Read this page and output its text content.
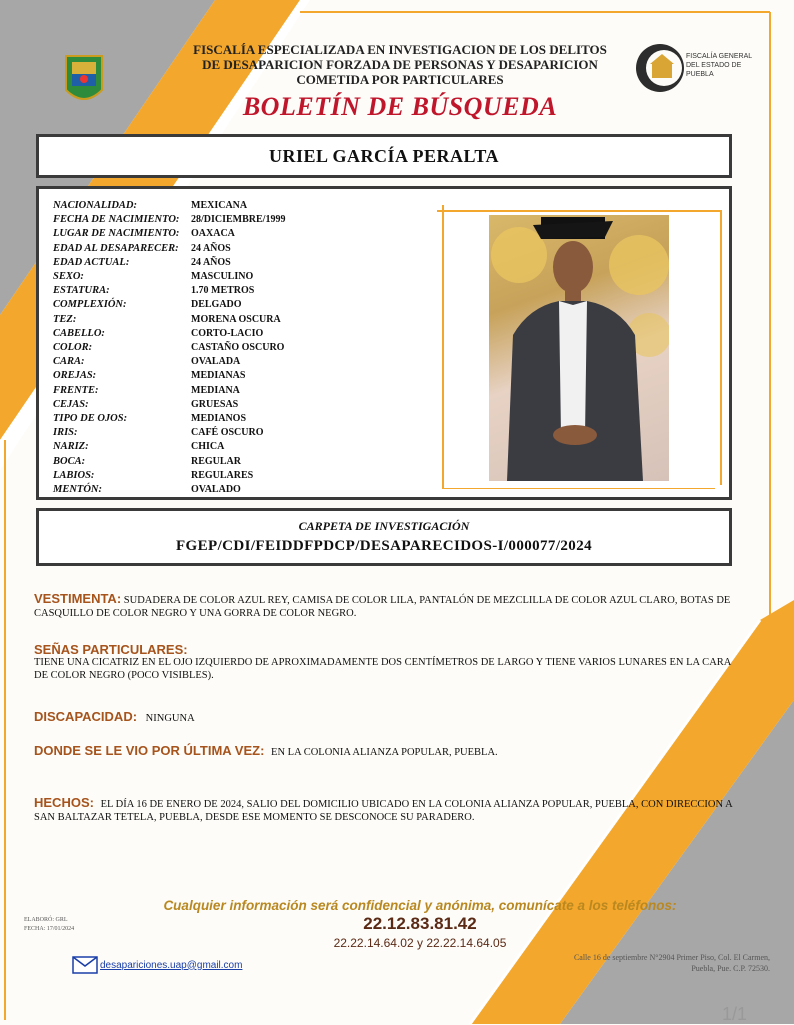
FISCALÍA ESPECIALIZADA EN INVESTIGACION DE LOS DELITOS
DE DESAPARICION FORZADA DE PERSONAS Y DESAPARICION
COMETIDA POR PARTICULARES
BOLETÍN DE BÚSQUEDA
FISCALÍA GENERAL
DEL ESTADO DE
PUEBLA
URIEL GARCÍA PERALTA
NACIONALIDAD:	MEXICANA
FECHA DE NACIMIENTO:	28/DICIEMBRE/1999
LUGAR DE NACIMIENTO:	OAXACA
EDAD AL DESAPARECER:	24 AÑOS
EDAD ACTUAL:	24 AÑOS
SEXO:	MASCULINO
ESTATURA:	1.70 METROS
COMPLEXIÓN:	DELGADO
TEZ:	MORENA OSCURA
CABELLO:	CORTO-LACIO
COLOR:	CASTAÑO OSCURO
CARA:	OVALADA
OREJAS:	MEDIANAS
FRENTE:	MEDIANA
CEJAS:	GRUESAS
TIPO DE OJOS:	MEDIANOS
IRIS:	CAFÉ OSCURO
NARIZ:	CHICA
BOCA:	REGULAR
LABIOS:	REGULARES
MENTÓN:	OVALADO
CARPETA DE INVESTIGACIÓN
FGEP/CDI/FEIDDFPDCP/DESAPARECIDOS-I/000077/2024
VESTIMENTA: SUDADERA DE COLOR AZUL REY, CAMISA DE COLOR LILA, PANTALÓN DE MEZCLILLA DE COLOR AZUL CLARO, BOTAS DE CASQUILLO DE COLOR NEGRO Y UNA GORRA DE COLOR NEGRO.
SEÑAS PARTICULARES:
TIENE UNA CICATRIZ EN EL OJO IZQUIERDO DE APROXIMADAMENTE DOS CENTÍMETROS DE LARGO Y TIENE VARIOS LUNARES EN LA CARA DE COLOR NEGRO (POCO VISIBLES).
DISCAPACIDAD: NINGUNA
DONDE SE LE VIO POR ÚLTIMA VEZ: EN LA COLONIA ALIANZA POPULAR, PUEBLA.
HECHOS: EL DÍA 16 DE ENERO DE 2024, SALIO DEL DOMICILIO UBICADO EN LA COLONIA ALIANZA POPULAR, PUEBLA, CON DIRECCION A SAN BALTAZAR TETELA, PUEBLA, DESDE ESE MOMENTO SE DESCONOCE SU PARADERO.
Cualquier información será confidencial y anónima, comunícate a los teléfonos:
22.12.83.81.42
22.22.14.64.02 y 22.22.14.64.05
ELABORÓ: GRL
FECHA: 17/01/2024
desapariciones.uap@gmail.com
Calle 16 de septiembre N°2904 Primer Piso, Col. El Carmen, Puebla, Pue. C.P. 72530.
1/1
